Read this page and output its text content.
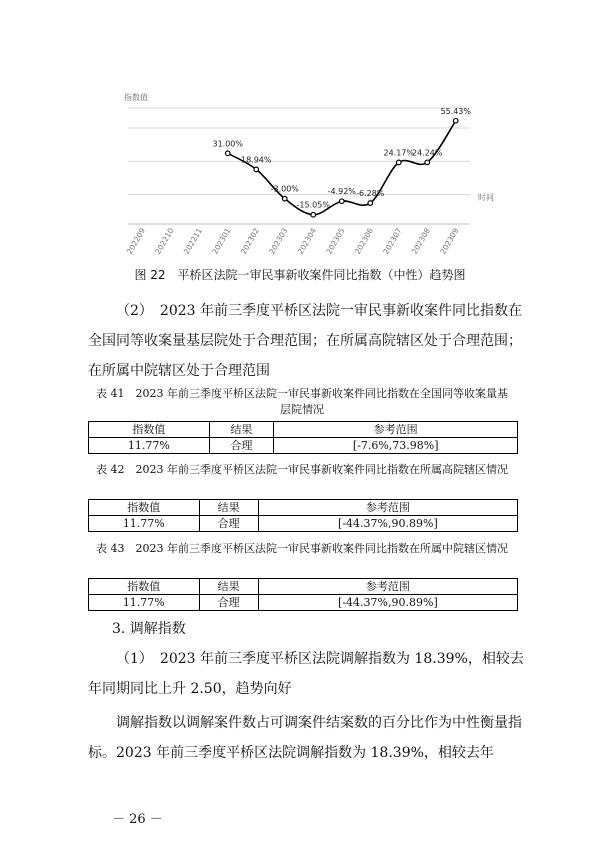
指数值
时间
202209 202210 202211 202301 202302 202303 202304 202305 202306 202307 202308 202309
31.00%
18.94%
-3.00%
-15.05%
-4.92% -6.28%
24.17%
24.24%
55.43%
图 22　平桥区法院一审民事新收案件同比指数（中性）趋势图

（2）　2023 年前三季度平桥区法院一审民事新收案件同比指数在全国同等收案量基层院处于合理范围；在所属高院辖区处于合理范围；在所属中院辖区处于合理范围

表 41　2023 年前三季度平桥区法院一审民事新收案件同比指数在全国同等收案量基层院情况
指数值	结果	参考范围
11.77%	合理	[-7.6%,73.98%]
表 42　2023 年前三季度平桥区法院一审民事新收案件同比指数在所属高院辖区情况
指数值	结果	参考范围
11.77%	合理	[-44.37%,90.89%]
表 43　2023 年前三季度平桥区法院一审民事新收案件同比指数在所属中院辖区情况
指数值	结果	参考范围
11.77%	合理	[-44.37%,90.89%]

3. 调解指数

（1）　2023 年前三季度平桥区法院调解指数为 18.39%，相较去年同期同比上升 2.50，趋势向好

调解指数以调解案件数占可调案件结案数的百分比作为中性衡量指标。2023 年前三季度平桥区法院调解指数为 18.39%，相较去年

－ 26 －
